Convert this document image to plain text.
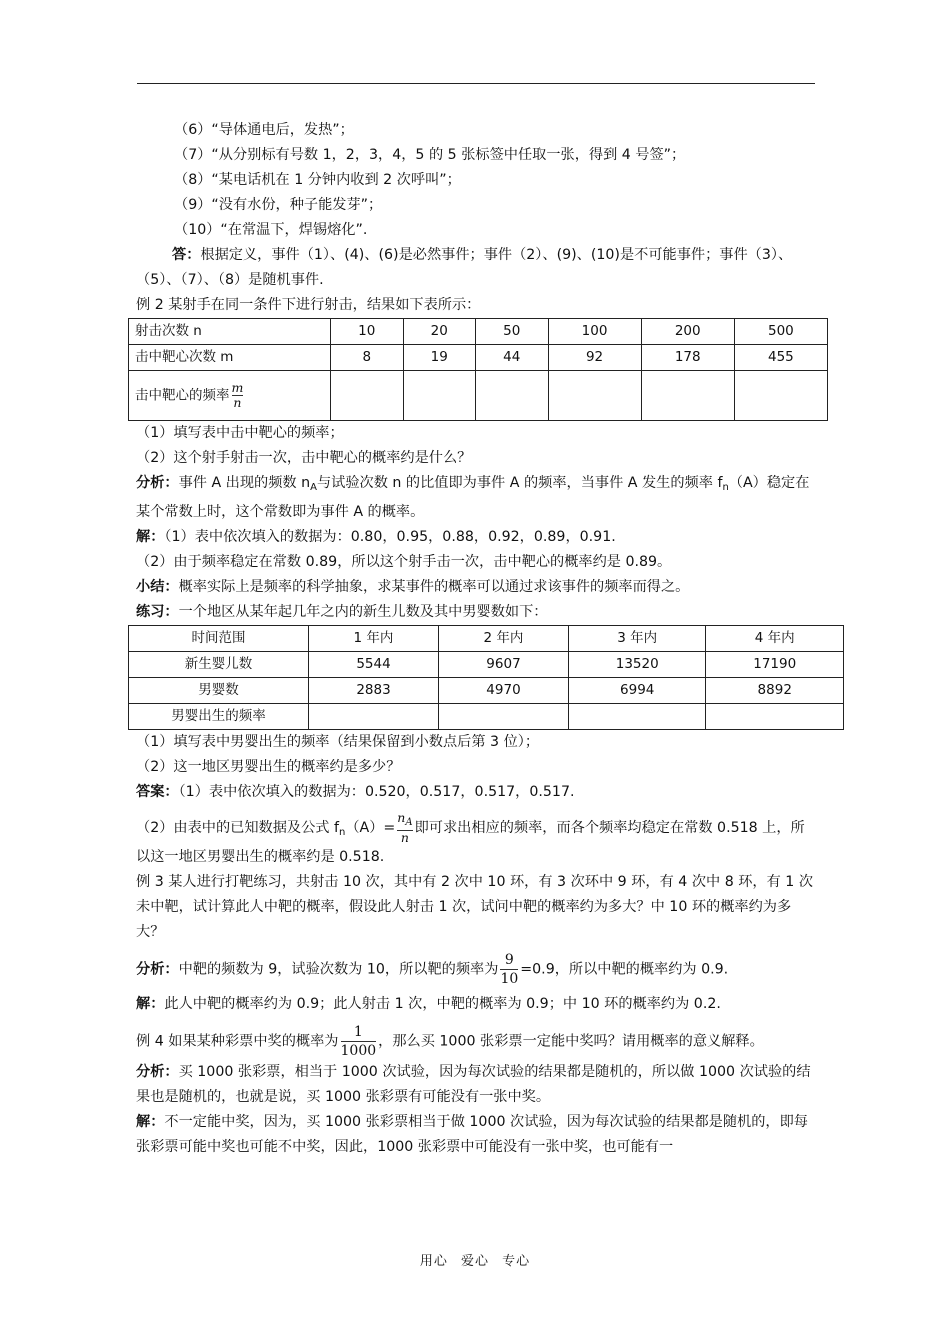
（6）“导体通电后，发热”；

（7）“从分别标有号数 1，2，3，4，5 的 5 张标签中任取一张，得到 4 号签”；

（8）“某电话机在 1 分钟内收到 2 次呼叫”；

（9）“没有水份，种子能发芽”；

（10）“在常温下，焊锡熔化”.

答：根据定义，事件（1）、(4)、(6)是必然事件；事件（2）、(9)、(10)是不可能事件；事件（3）、（5）、（7）、（8）是随机事件.

例 2 某射手在同一条件下进行射击，结果如下表所示：

射击次数 n	10	20	50	100	200	500
击中靶心次数 m	8	19	44	92	178	455
击中靶心的频率 $\frac{m}{n}$

（1）填写表中击中靶心的频率；

（2）这个射手射击一次，击中靶心的概率约是什么？

分析：事件 A 出现的频数 $n_A$与试验次数 n 的比值即为事件 A 的频率，当事件 A 发生的频率 $f_n(A)$稳定在某个常数上时，这个常数即为事件 A 的概率。

解：（1）表中依次填入的数据为：0.80，0.95，0.88，0.92，0.89，0.91.

（2）由于频率稳定在常数 0.89，所以这个射手击一次，击中靶心的概率约是 0.89。

小结：概率实际上是频率的科学抽象，求某事件的概率可以通过求该事件的频率而得之。

练习：一个地区从某年起几年之内的新生儿数及其中男婴数如下：

时间范围	1 年内	2 年内	3 年内	4 年内
新生婴儿数	5544	9607	13520	17190
男婴数	2883	4970	6994	8892
男婴出生的频率				

（1）填写表中男婴出生的频率（结果保留到小数点后第 3 位）；

（2）这一地区男婴出生的概率约是多少？

答案：（1）表中依次填入的数据为：0.520，0.517，0.517，0.517.

（2）由表中的已知数据及公式 $f_n(A)= \frac{n_A}{n}$ 即可求出相应的频率，而各个频率均稳定在常数 0.518 上，所以这一地区男婴出生的概率约是 0.518.

例 3 某人进行打靶练习，共射击 10 次，其中有 2 次中 10 环，有 3 次环中 9 环，有 4 次中 8 环，有 1 次未中靶，试计算此人中靶的概率，假设此人射击 1 次，试问中靶的概率约为多大？中 10 环的概率约为多大？

分析：中靶的频数为 9，试验次数为 10，所以靶的频率为 $\frac{9}{10} =0.9$，所以中靶的概率约为 0.9.

解：此人中靶的概率约为 0.9；此人射击 1 次，中靶的概率为 0.9；中 10 环的概率约为 0.2.

例 4 如果某种彩票中奖的概率为 $\frac{1}{1000}$ ，那么买 1000 张彩票一定能中奖吗？请用概率的意义解释。

分析：买 1000 张彩票，相当于 1000 次试验，因为每次试验的结果都是随机的，所以做 1000 次试验的结果也是随机的，也就是说，买 1000 张彩票有可能没有一张中奖。

解：不一定能中奖，因为，买 1000 张彩票相当于做 1000 次试验，因为每次试验的结果都是随机的，即每张彩票可能中奖也可能不中奖，因此，1000 张彩票中可能没有一张中奖，也可能有一

用心 爱心 专心
